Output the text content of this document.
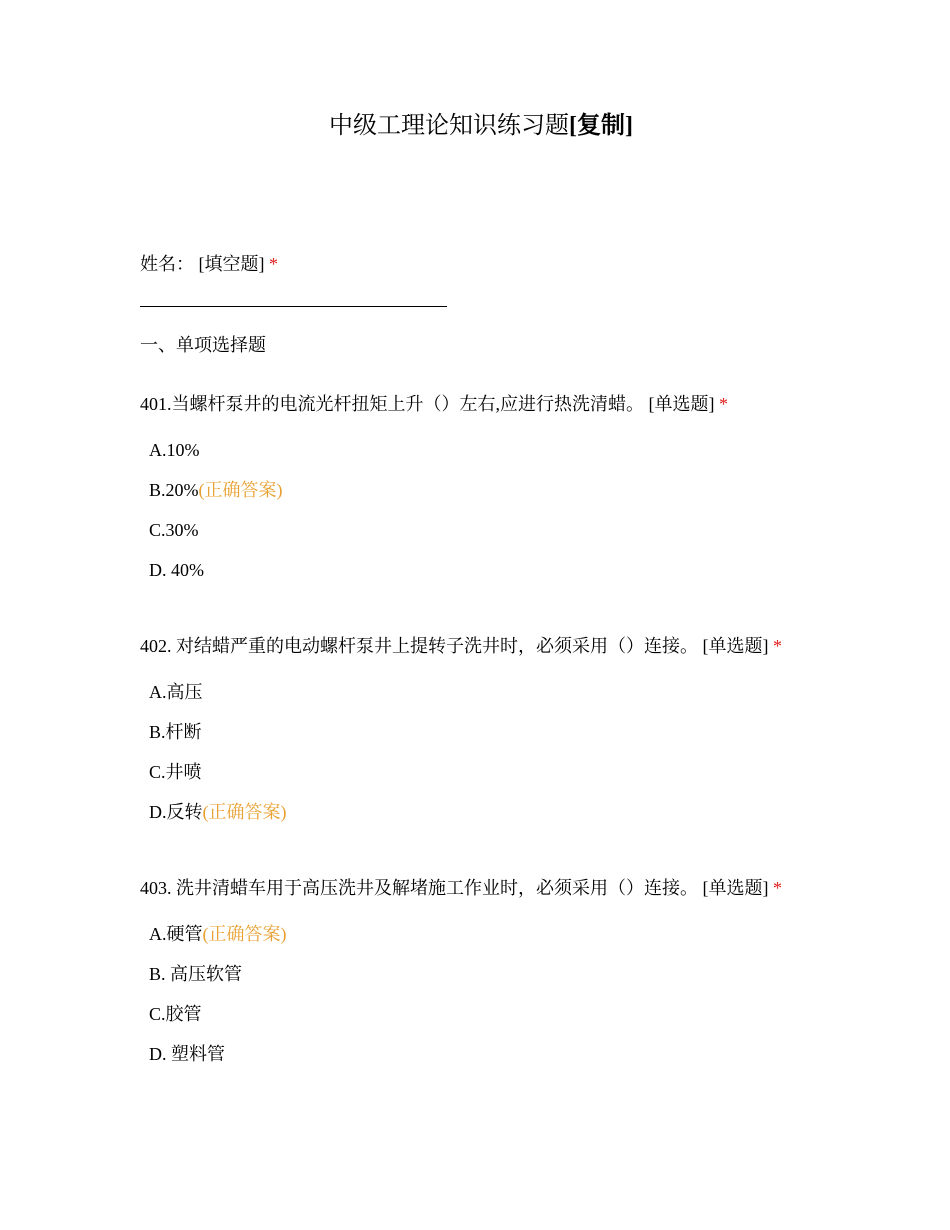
中级工理论知识练习题[复制]
姓名： [填空题] *
一、单项选择题
401.当螺杆泵井的电流光杆扭矩上升（）左右,应进行热洗清蜡。 [单选题] *
A.10%
B.20%(正确答案)
C.30%
D. 40%
402. 对结蜡严重的电动螺杆泵井上提转子洗井时，必须采用（）连接。 [单选题] *
A.高压
B.杆断
C.井喷
D.反转(正确答案)
403. 洗井清蜡车用于高压洗井及解堵施工作业时，必须采用（）连接。 [单选题] *
A.硬管(正确答案)
B. 高压软管
C.胶管
D. 塑料管
